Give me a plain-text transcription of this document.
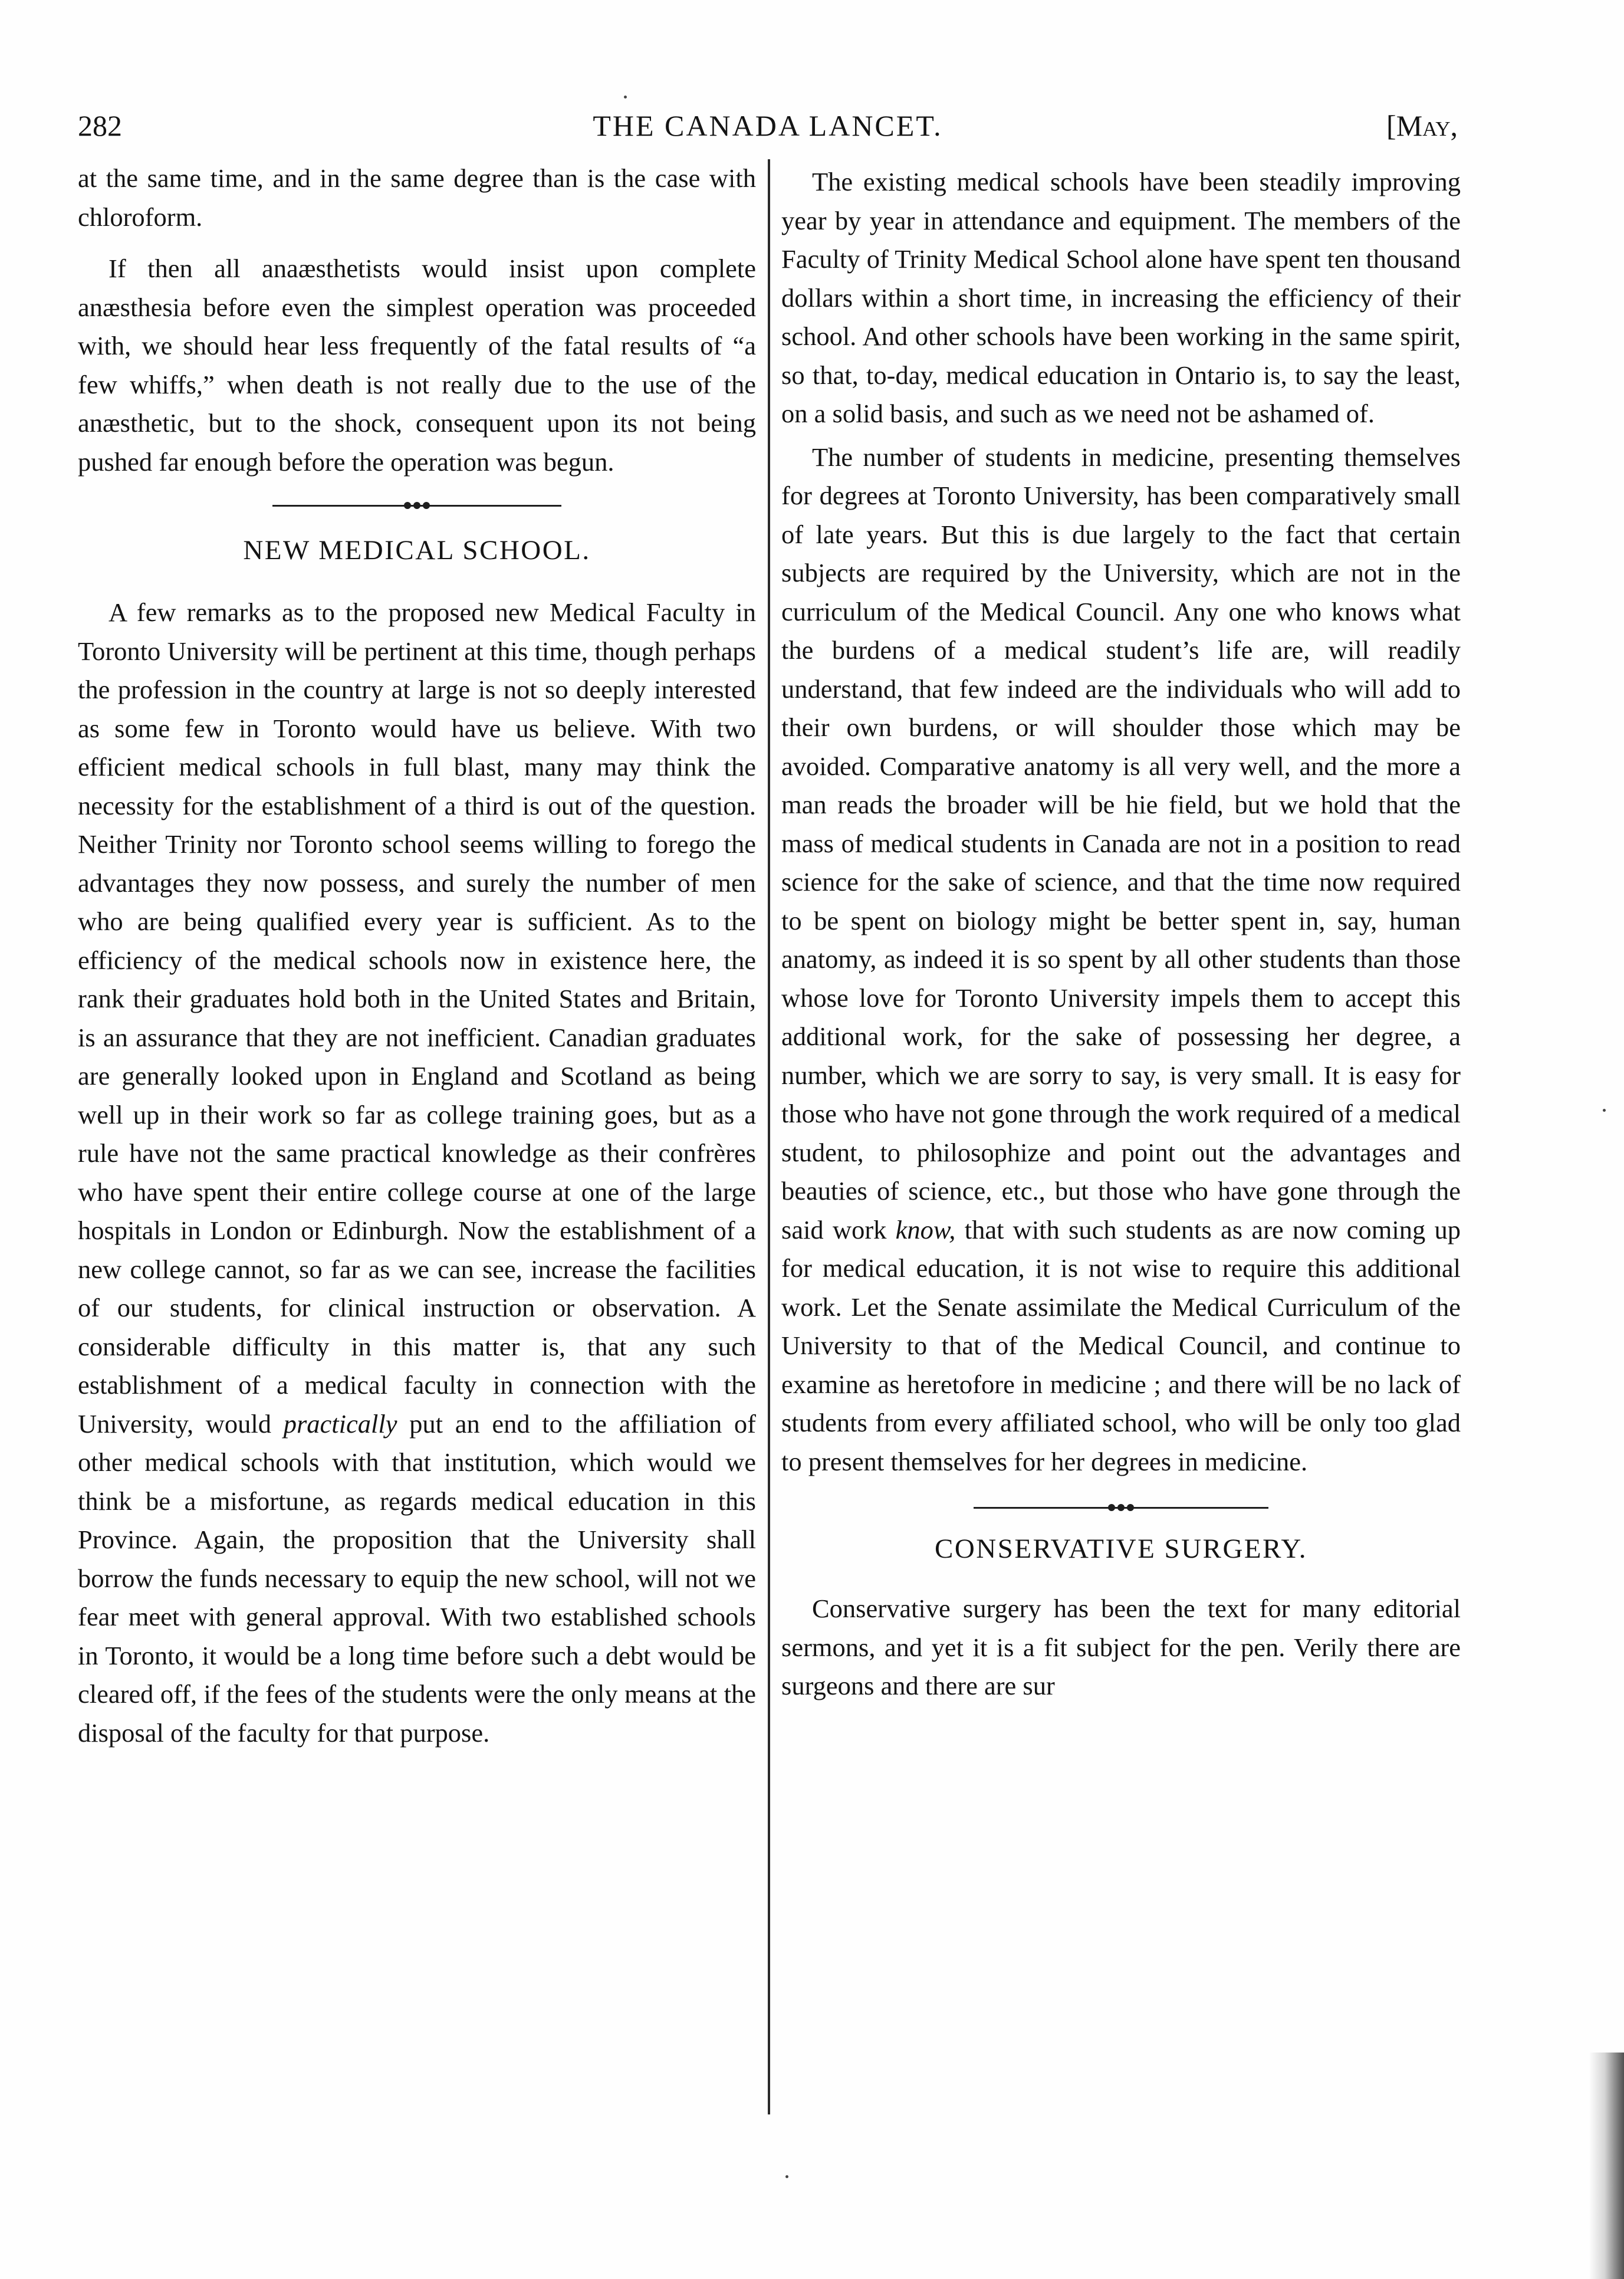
282	THE CANADA LANCET.	[May,

at the same time, and in the same degree than is the case with chloroform.

If then all anaæsthetists would insist upon complete anæsthesia before even the simplest operation was proceeded with, we should hear less frequently of the fatal results of “a few whiffs,” when death is not really due to the use of the anæsthetic, but to the shock, consequent upon its not being pushed far enough before the operation was begun.

NEW MEDICAL SCHOOL.

A few remarks as to the proposed new Medical Faculty in Toronto University will be pertinent at this time, though perhaps the profession in the country at large is not so deeply interested as some few in Toronto would have us believe. With two efficient medical schools in full blast, many may think the necessity for the establishment of a third is out of the question. Neither Trinity nor Toronto school seems willing to forego the advantages they now possess, and surely the number of men who are being qualified every year is sufficient. As to the efficiency of the medical schools now in existence here, the rank their graduates hold both in the United States and Britain, is an assurance that they are not inefficient. Canadian graduates are generally looked upon in England and Scotland as being well up in their work so far as college training goes, but as a rule have not the same practical knowledge as their confrères who have spent their entire college course at one of the large hospitals in London or Edinburgh. Now the establishment of a new college cannot, so far as we can see, increase the facilities of our students, for clinical instruction or observation. A considerable difficulty in this matter is, that any such establishment of a medical faculty in connection with the University, would practically put an end to the affiliation of other medical schools with that institution, which would we think be a misfortune, as regards medical education in this Province. Again, the proposition that the University shall borrow the funds necessary to equip the new school, will not we fear meet with general approval. With two established schools in Toronto, it would be a long time before such a debt would be cleared off, if the fees of the students were the only means at the disposal of the faculty for that purpose.

The existing medical schools have been steadily improving year by year in attendance and equipment. The members of the Faculty of Trinity Medical School alone have spent ten thousand dollars within a short time, in increasing the efficiency of their school. And other schools have been working in the same spirit, so that, to-day, medical education in Ontario is, to say the least, on a solid basis, and such as we need not be ashamed of.

The number of students in medicine, presenting themselves for degrees at Toronto University, has been comparatively small of late years. But this is due largely to the fact that certain subjects are required by the University, which are not in the curriculum of the Medical Council. Any one who knows what the burdens of a medical student’s life are, will readily understand, that few indeed are the individuals who will add to their own burdens, or will shoulder those which may be avoided. Comparative anatomy is all very well, and the more a man reads the broader will be hie field, but we hold that the mass of medical students in Canada are not in a position to read science for the sake of science, and that the time now required to be spent on biology might be better spent in, say, human anatomy, as indeed it is so spent by all other students than those whose love for Toronto University impels them to accept this additional work, for the sake of possessing her degree, a number, which we are sorry to say, is very small. It is easy for those who have not gone through the work required of a medical student, to philosophize and point out the advantages and beauties of science, etc., but those who have gone through the said work know, that with such students as are now coming up for medical education, it is not wise to require this additional work. Let the Senate assimilate the Medical Curriculum of the University to that of the Medical Council, and continue to examine as heretofore in medicine ; and there will be no lack of students from every affiliated school, who will be only too glad to present themselves for her degrees in medicine.

CONSERVATIVE SURGERY.

Conservative surgery has been the text for many editorial sermons, and yet it is a fit subject for the pen. Verily there are surgeons and there are sur
